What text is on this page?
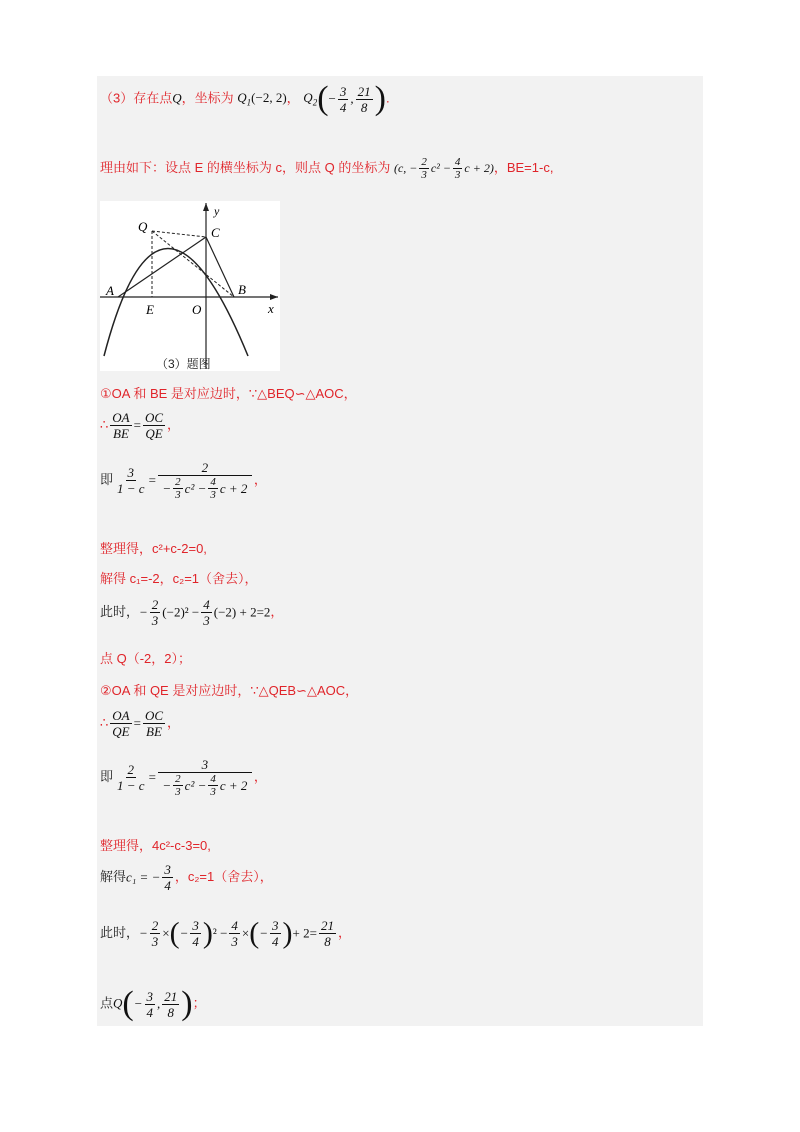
（3）存在点Q，坐标为 $Q_1(-2$, 2)， $Q_2(- \frac{3}{4}$ , $\frac{21}{8}$ ).
理由如下：设点 E 的横坐标为 c，则点 Q 的坐标为 (c, − $\frac{2}{3} c^2 - \frac{4}{3}$ c + 2)，BE=1-c,
Q	C
y
A
E	O
B
x
（3）题图
①OA 和 BE 是对应边时，∵△BEQ∽△AOC，
∴ $\frac{OA}{BE} = \frac{OC}{QE}$ ，
即 $\frac{3}{1 - c} = \frac{2}{- \frac{2}{3} c^2 - \frac{4}{3} c + 2}$ ，
整理得，c²+c-2=0,
解得 c₁=-2，c₂=1（舍去），
此时，− $\frac{2}{3} (-2)^2 - \frac{4}{3} (-2) + 2=2$，
点 Q（-2，2）；
②OA 和 QE 是对应边时，∵△QEB∽△AOC，
∴ $\frac{OA}{QE} = \frac{OC}{BE}$ ，
即 $\frac{2}{1 - c} = \frac{3}{- \frac{2}{3} c^2 - \frac{4}{3} c + 2}$ ，
整理得，4c²-c-3=0,
解得c₁ = − $\frac{3}{4}$ ，c₂=1（舍去），
此时，− $\frac{2}{3}$ ×(− $\frac{3}{4} )^2 - \frac{4}{3}$ ×(− $\frac{3}{4}$ )+ $2= \frac{21}{8}$ ，
点$Q(- \frac{3}{4}$ , $\frac{21}{8}$ )；
